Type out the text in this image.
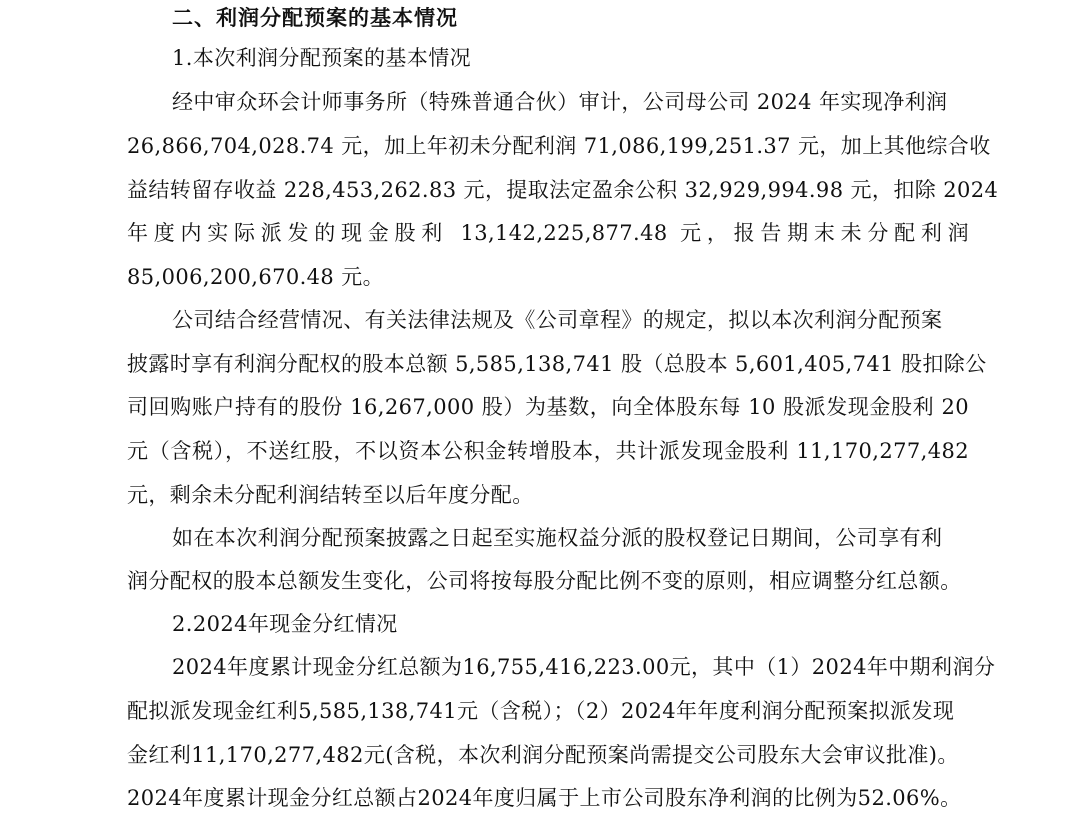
二、利润分配预案的基本情况
1.本次利润分配预案的基本情况
经中审众环会计师事务所（特殊普通合伙）审计，公司母公司 2024 年实现净利润
26,866,704,028.74 元，加上年初未分配利润 71,086,199,251.37 元，加上其他综合收
益结转留存收益 228,453,262.83 元，提取法定盈余公积 32,929,994.98 元，扣除 2024
年度内实际派发的现金股利 13,142,225,877.48 元，报告期末未分配利润
85,006,200,670.48 元。
公司结合经营情况、有关法律法规及《公司章程》的规定，拟以本次利润分配预案
披露时享有利润分配权的股本总额 5,585,138,741 股（总股本 5,601,405,741 股扣除公
司回购账户持有的股份 16,267,000 股）为基数，向全体股东每 10 股派发现金股利 20
元（含税），不送红股，不以资本公积金转增股本，共计派发现金股利 11,170,277,482
元，剩余未分配利润结转至以后年度分配。
如在本次利润分配预案披露之日起至实施权益分派的股权登记日期间，公司享有利
润分配权的股本总额发生变化，公司将按每股分配比例不变的原则，相应调整分红总额。
2.2024年现金分红情况
2024年度累计现金分红总额为16,755,416,223.00元，其中（1）2024年中期利润分
配拟派发现金红利5,585,138,741元（含税）；（2）2024年年度利润分配预案拟派发现
金红利11,170,277,482元(含税，本次利润分配预案尚需提交公司股东大会审议批准)。
2024年度累计现金分红总额占2024年度归属于上市公司股东净利润的比例为52.06%。
